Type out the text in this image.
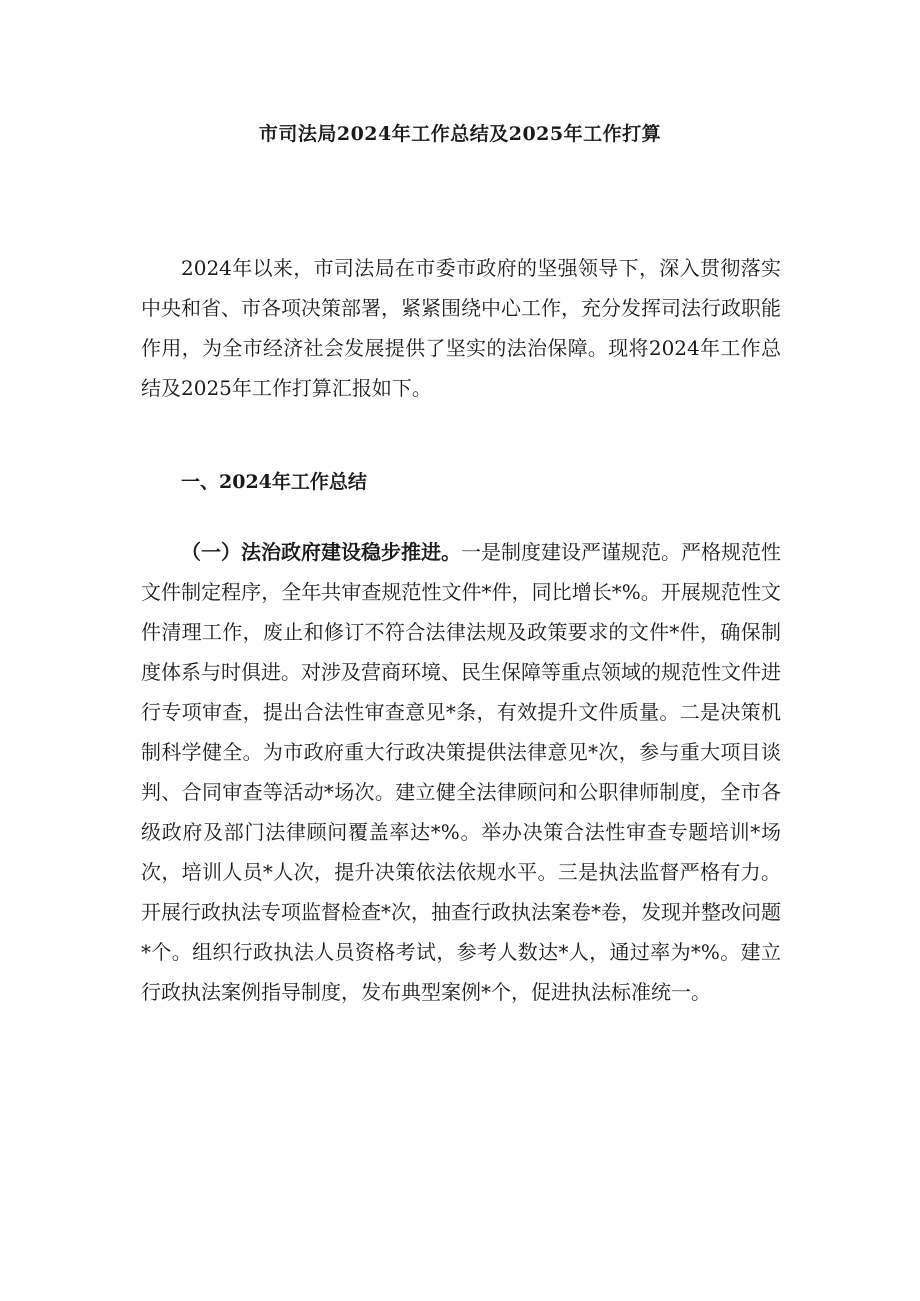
市司法局2024年工作总结及2025年工作打算

2024年以来，市司法局在市委市政府的坚强领导下，深入贯彻落实中央和省、市各项决策部署，紧紧围绕中心工作，充分发挥司法行政职能作用，为全市经济社会发展提供了坚实的法治保障。现将2024年工作总结及2025年工作打算汇报如下。

一、2024年工作总结

（一）法治政府建设稳步推进。一是制度建设严谨规范。严格规范性文件制定程序，全年共审查规范性文件*件，同比增长*%。开展规范性文件清理工作，废止和修订不符合法律法规及政策要求的文件*件，确保制度体系与时俱进。对涉及营商环境、民生保障等重点领域的规范性文件进行专项审查，提出合法性审查意见*条，有效提升文件质量。二是决策机制科学健全。为市政府重大行政决策提供法律意见*次，参与重大项目谈判、合同审查等活动*场次。建立健全法律顾问和公职律师制度，全市各级政府及部门法律顾问覆盖率达*%。举办决策合法性审查专题培训*场次，培训人员*人次，提升决策依法依规水平。三是执法监督严格有力。开展行政执法专项监督检查*次，抽查行政执法案卷*卷，发现并整改问题*个。组织行政执法人员资格考试，参考人数达*人，通过率为*%。建立行政执法案例指导制度，发布典型案例*个，促进执法标准统一。
